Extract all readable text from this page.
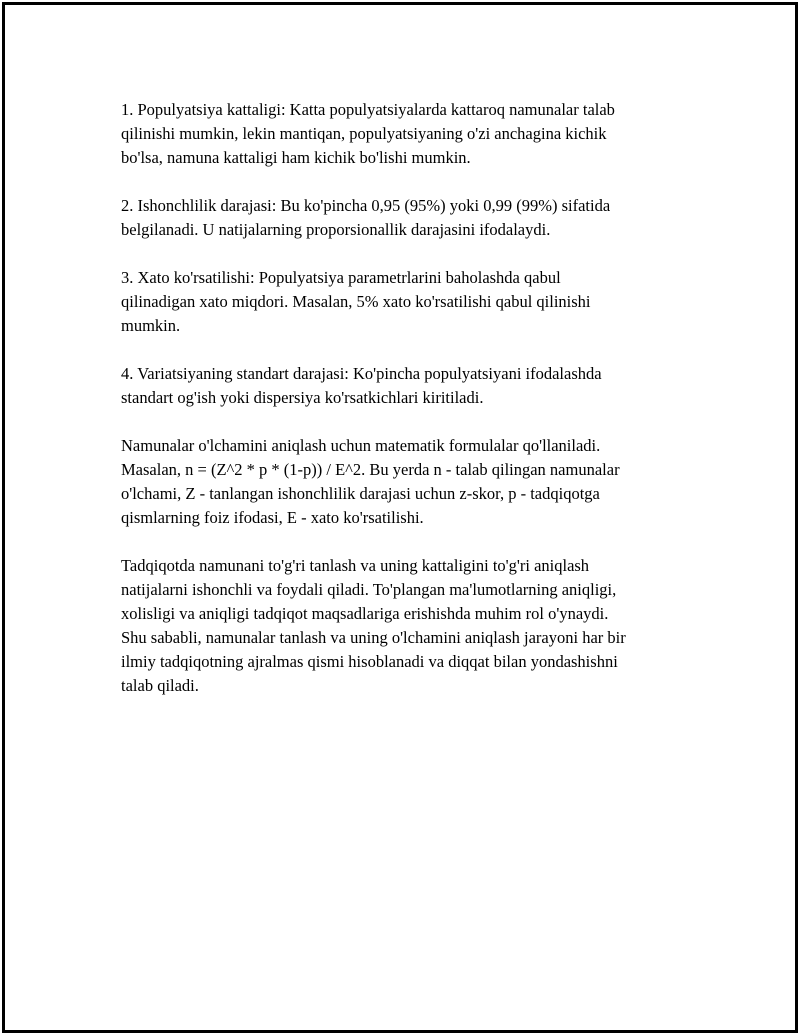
1. Populyatsiya kattaligi: Katta populyatsiyalarda kattaroq namunalar talab
qilinishi mumkin, lekin mantiqan, populyatsiyaning o'zi anchagina kichik
bo'lsa, namuna kattaligi ham kichik bo'lishi mumkin.

2. Ishonchlilik darajasi: Bu ko'pincha 0,95 (95%) yoki 0,99 (99%) sifatida
belgilanadi. U natijalarning proporsionallik darajasini ifodalaydi.

3. Xato ko'rsatilishi: Populyatsiya parametrlarini baholashda qabul
qilinadigan xato miqdori. Masalan, 5% xato ko'rsatilishi qabul qilinishi
mumkin.

4. Variatsiyaning standart darajasi: Ko'pincha populyatsiyani ifodalashda
standart og'ish yoki dispersiya ko'rsatkichlari kiritiladi.

Namunalar o'lchamini aniqlash uchun matematik formulalar qo'llaniladi.
Masalan, n = (Z^2 * p * (1-p)) / E^2. Bu yerda n - talab qilingan namunalar
o'lchami, Z - tanlangan ishonchlilik darajasi uchun z-skor, p - tadqiqotga
qismlarning foiz ifodasi, E - xato ko'rsatilishi.

Tadqiqotda namunani to'g'ri tanlash va uning kattaligini to'g'ri aniqlash
natijalarni ishonchli va foydali qiladi. To'plangan ma'lumotlarning aniqligi,
xolisligi va aniqligi tadqiqot maqsadlariga erishishda muhim rol o'ynaydi.
Shu sababli, namunalar tanlash va uning o'lchamini aniqlash jarayoni har bir
ilmiy tadqiqotning ajralmas qismi hisoblanadi va diqqat bilan yondashishni
talab qiladi.
